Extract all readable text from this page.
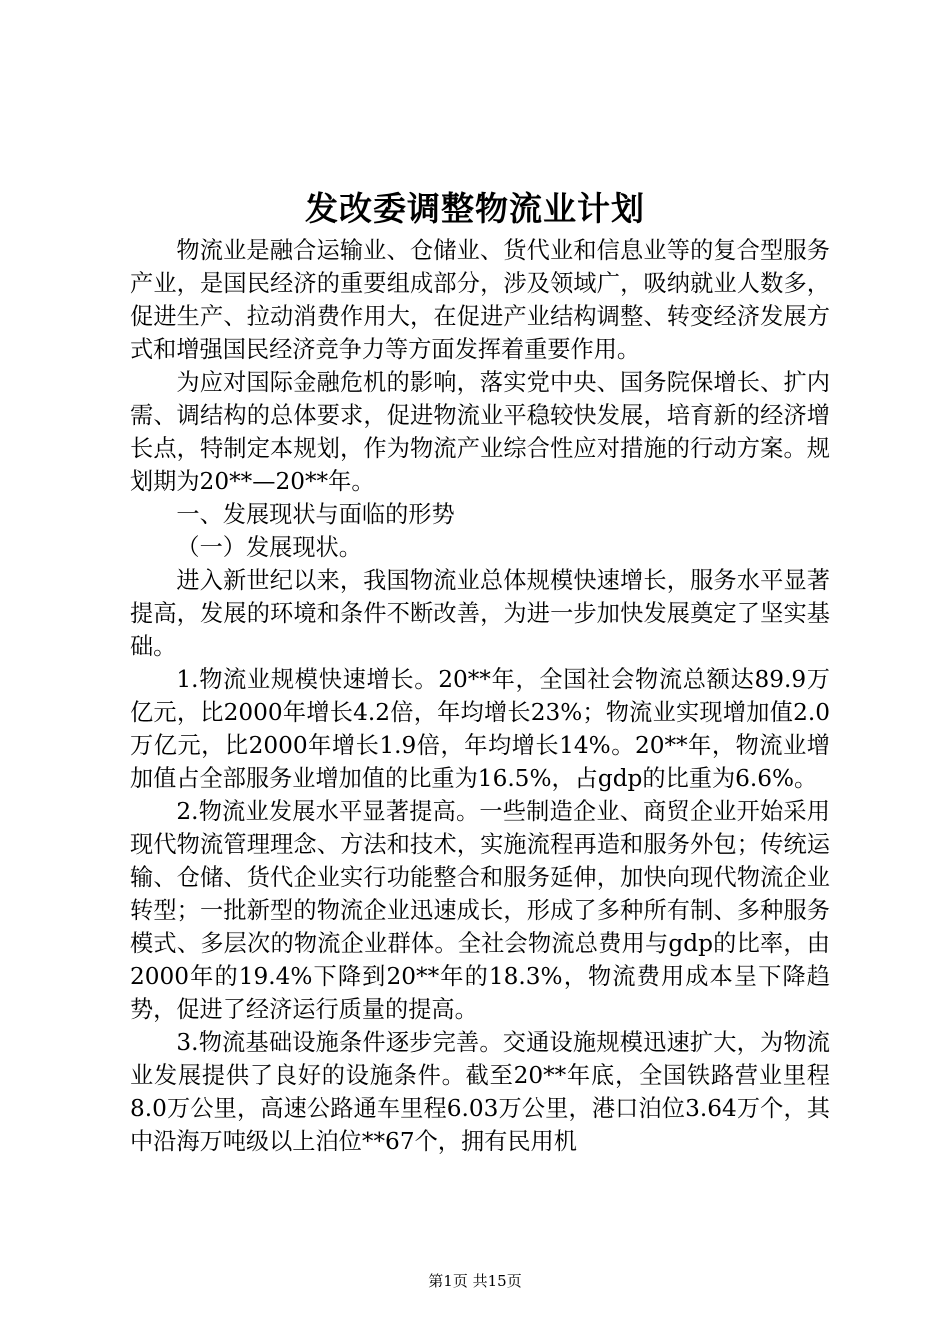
发改委调整物流业计划

物流业是融合运输业、仓储业、货代业和信息业等的复合型服务产业，是国民经济的重要组成部分，涉及领域广，吸纳就业人数多，促进生产、拉动消费作用大，在促进产业结构调整、转变经济发展方式和增强国民经济竞争力等方面发挥着重要作用。

为应对国际金融危机的影响，落实党中央、国务院保增长、扩内需、调结构的总体要求，促进物流业平稳较快发展，培育新的经济增长点，特制定本规划，作为物流产业综合性应对措施的行动方案。规划期为20**—20**年。

一、发展现状与面临的形势

（一）发展现状。

进入新世纪以来，我国物流业总体规模快速增长，服务水平显著提高，发展的环境和条件不断改善，为进一步加快发展奠定了坚实基础。

1.物流业规模快速增长。20**年，全国社会物流总额达89.9万亿元，比2000年增长4.2倍，年均增长23%；物流业实现增加值2.0万亿元，比2000年增长1.9倍，年均增长14%。20**年，物流业增加值占全部服务业增加值的比重为16.5%，占gdp的比重为6.6%。

2.物流业发展水平显著提高。一些制造企业、商贸企业开始采用现代物流管理理念、方法和技术，实施流程再造和服务外包；传统运输、仓储、货代企业实行功能整合和服务延伸，加快向现代物流企业转型；一批新型的物流企业迅速成长，形成了多种所有制、多种服务模式、多层次的物流企业群体。全社会物流总费用与gdp的比率，由2000年的19.4%下降到20**年的18.3%，物流费用成本呈下降趋势，促进了经济运行质量的提高。

3.物流基础设施条件逐步完善。交通设施规模迅速扩大，为物流业发展提供了良好的设施条件。截至20**年底，全国铁路营业里程8.0万公里，高速公路通车里程6.03万公里，港口泊位3.64万个，其中沿海万吨级以上泊位**67个，拥有民用机

第1页 共15页
